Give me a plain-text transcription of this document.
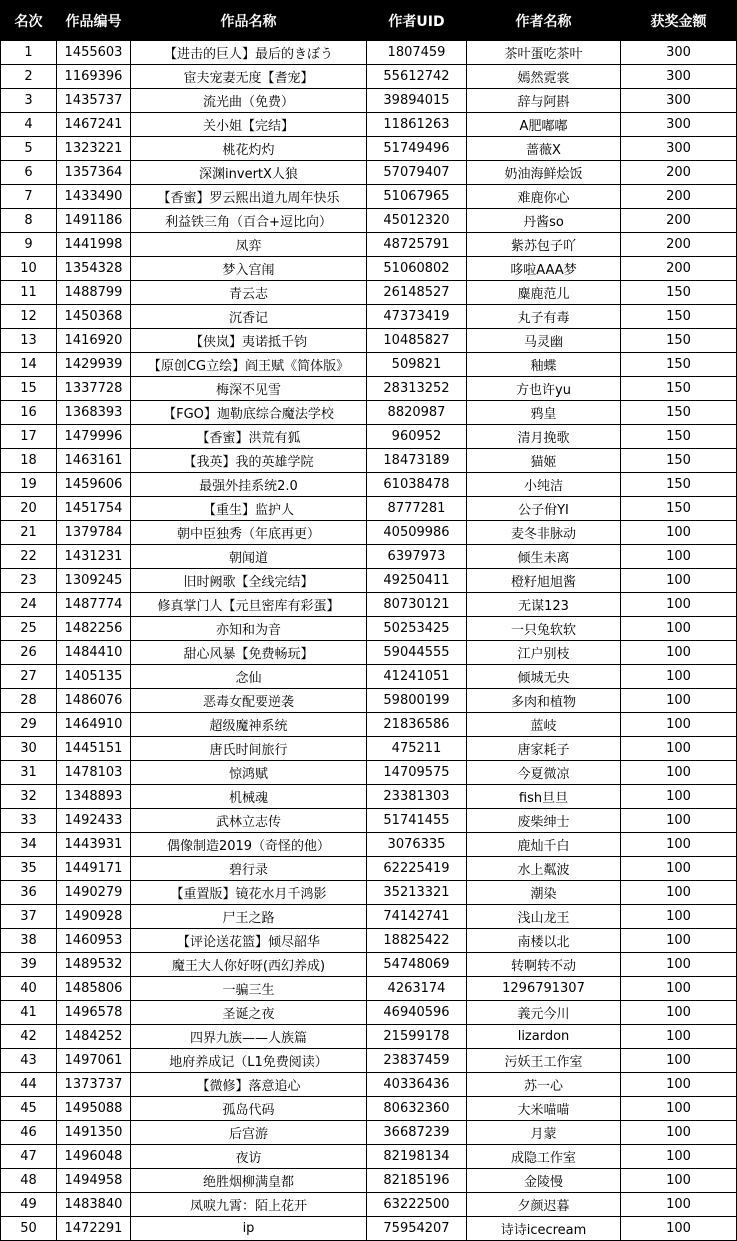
名次	作品编号	作品名称	作者UID	作者名称	获奖金额
1	1455603	【进击的巨人】最后的きぼう	1807459	茶叶蛋吃茶叶	300
2	1169396	宦夫宠妻无度【耆宠】	55612742	嫣然霓裳	300
3	1435737	流光曲（免费）	39894015	辞与阿斟	300
4	1467241	关小姐【完结】	11861263	A肥嘟嘟	300
5	1323221	桃花灼灼	51749496	蔷薇X	300
6	1357364	深渊invertX人狼	57079407	奶油海鲜烩饭	200
7	1433490	【香蜜】罗云熙出道九周年快乐	51067965	难鹿你心	200
8	1491186	利益铁三角（百合+逗比向）	45012320	丹酱so	200
9	1441998	凤弈	48725791	紫苏包子吖	200
10	1354328	梦入宫闱	51060802	哆啦AAA梦	200
11	1488799	青云志	26148527	麋鹿范儿	150
12	1450368	沉香记	47373419	丸子有毒	150
13	1416920	【侠岚】夷诺抵千钧	10485827	马灵幽	150
14	1429939	【原创CG立绘】阎王赋《简体版》	509821	釉蝶	150
15	1337728	梅深不见雪	28313252	方也许yu	150
16	1368393	【FGO】迦勒底综合魔法学校	8820987	鸦皇	150
17	1479996	【香蜜】洪荒有狐	960952	清月挽歌	150
18	1463161	【我英】我的英雄学院	18473189	猫姬	150
19	1459606	最强外挂系统2.0	61038478	小纯洁	150
20	1451754	【重生】监护人	8777281	公子佾YI	150
21	1379784	朝中臣独秀（年底再更）	40509986	麦冬非脉动	100
22	1431231	朝闻道	6397973	倾生未离	100
23	1309245	旧时阙歌【全线完结】	49250411	橙籽旭旭酱	100
24	1487774	修真掌门人【元旦密库有彩蛋】	80730121	无谋123	100
25	1482256	亦知和为音	50253425	一只兔软软	100
26	1484410	甜心风暴【免费畅玩】	59044555	江户别枝	100
27	1405135	念仙	41241051	倾城无央	100
28	1486076	恶毒女配要逆袭	59800199	多肉和植物	100
29	1464910	超级魔神系统	21836586	蓝岐	100
30	1445151	唐氏时间旅行	475211	唐家耗子	100
31	1478103	惊鸿赋	14709575	今夏微凉	100
32	1348893	机械魂	23381303	fish旦旦	100
33	1492433	武林立志传	51741455	废柴绅士	100
34	1443931	偶像制造2019（奇怪的他）	3076335	鹿灿千白	100
35	1449171	碧行录	62225419	水上粼波	100
36	1490279	【重置版】镜花水月千鸿影	35213321	潮染	100
37	1490928	尸王之路	74142741	浅山龙王	100
38	1460953	【评论送花篮】倾尽韶华	18825422	南楼以北	100
39	1489532	魔王大人你好呀(西幻养成)	54748069	转啊转不动	100
40	1485806	一骗三生	4263174	1296791307	100
41	1496578	圣诞之夜	46940596	義元今川	100
42	1484252	四界九族——人族篇	21599178	lizardon	100
43	1497061	地府养成记（L1免费阅读）	23837459	污妖王工作室	100
44	1373737	【微修】落意追心	40336436	苏一心	100
45	1495088	孤岛代码	80632360	大米喵喵	100
46	1491350	后宫游	36687239	月蒙	100
47	1496048	夜访	82198134	成隐工作室	100
48	1494958	绝胜烟柳满皇都	82185196	金陵慢	100
49	1483840	凤唳九霄：陌上花开	63222500	夕颜迟暮	100
50	1472291	ip	75954207	诗诗icecream	100
